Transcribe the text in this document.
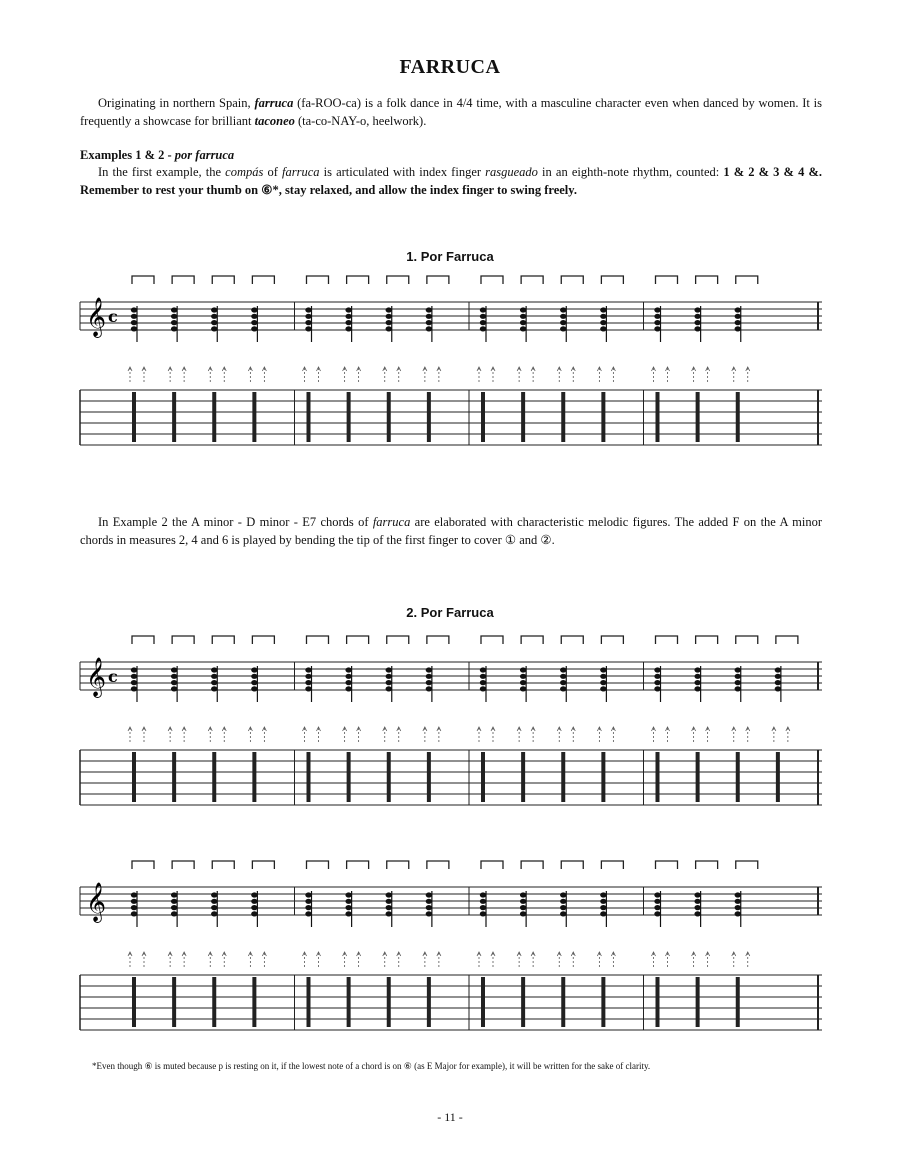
FARRUCA
Originating in northern Spain, farruca (fa-ROO-ca) is a folk dance in 4/4 time, with a masculine character even when danced by women. It is frequently a showcase for brilliant taconeo (ta-co-NAY-o, heelwork).
Examples 1 & 2 - por farruca
In the first example, the compás of farruca is articulated with index finger rasgueado in an eighth-note rhythm, counted: 1 & 2 & 3 & 4 &. Remember to rest your thumb on ⑥*, stay relaxed, and allow the index finger to swing freely.
1. Por Farruca
𝄞 c
In Example 2 the A minor - D minor - E7 chords of farruca are elaborated with characteristic melodic figures. The added F on the A minor chords in measures 2, 4 and 6 is played by bending the tip of the first finger to cover ① and ②.
2. Por Farruca
𝄞 c
𝄞
*Even though ⑥ is muted because p is resting on it, if the lowest note of a chord is on ⑥ (as E Major for example), it will be written for the sake of clarity.
- 11 -
